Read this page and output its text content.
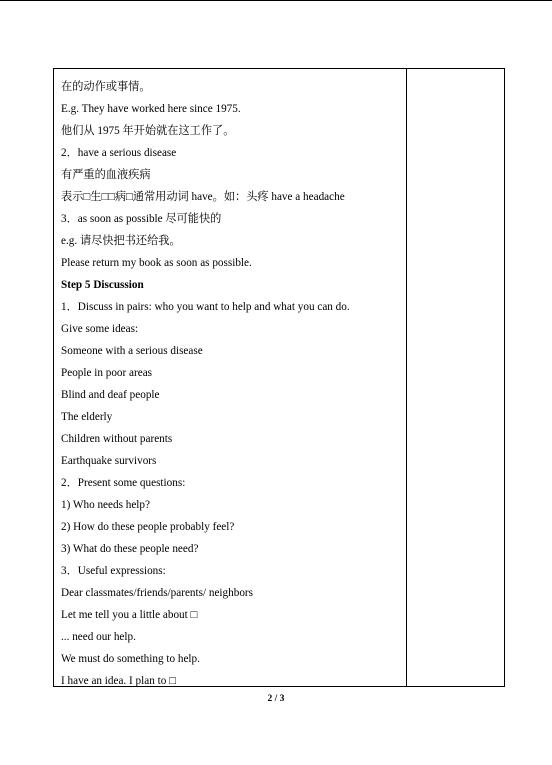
在的动作或事情。
E.g. They have worked here since 1975.
他们从 1975 年开始就在这工作了。
2．have a serious disease
有严重的血液疾病
表示□生□□病□通常用动词 have。如：头疼 have a headache
3．as soon as possible 尽可能快的
e.g. 请尽快把书还给我。
Please return my book as soon as possible.
Step 5 Discussion
1．Discuss in pairs: who you want to help and what you can do.
Give some ideas:
Someone with a serious disease
People in poor areas
Blind and deaf people
The elderly
Children without parents
Earthquake survivors
2．Present some questions:
1) Who needs help?
2) How do these people probably feel?
3) What do these people need?
3．Useful expressions:
Dear classmates/friends/parents/ neighbors
Let me tell you a little about □
... need our help.
We must do something to help.
I have an idea. I plan to □
2 / 3
